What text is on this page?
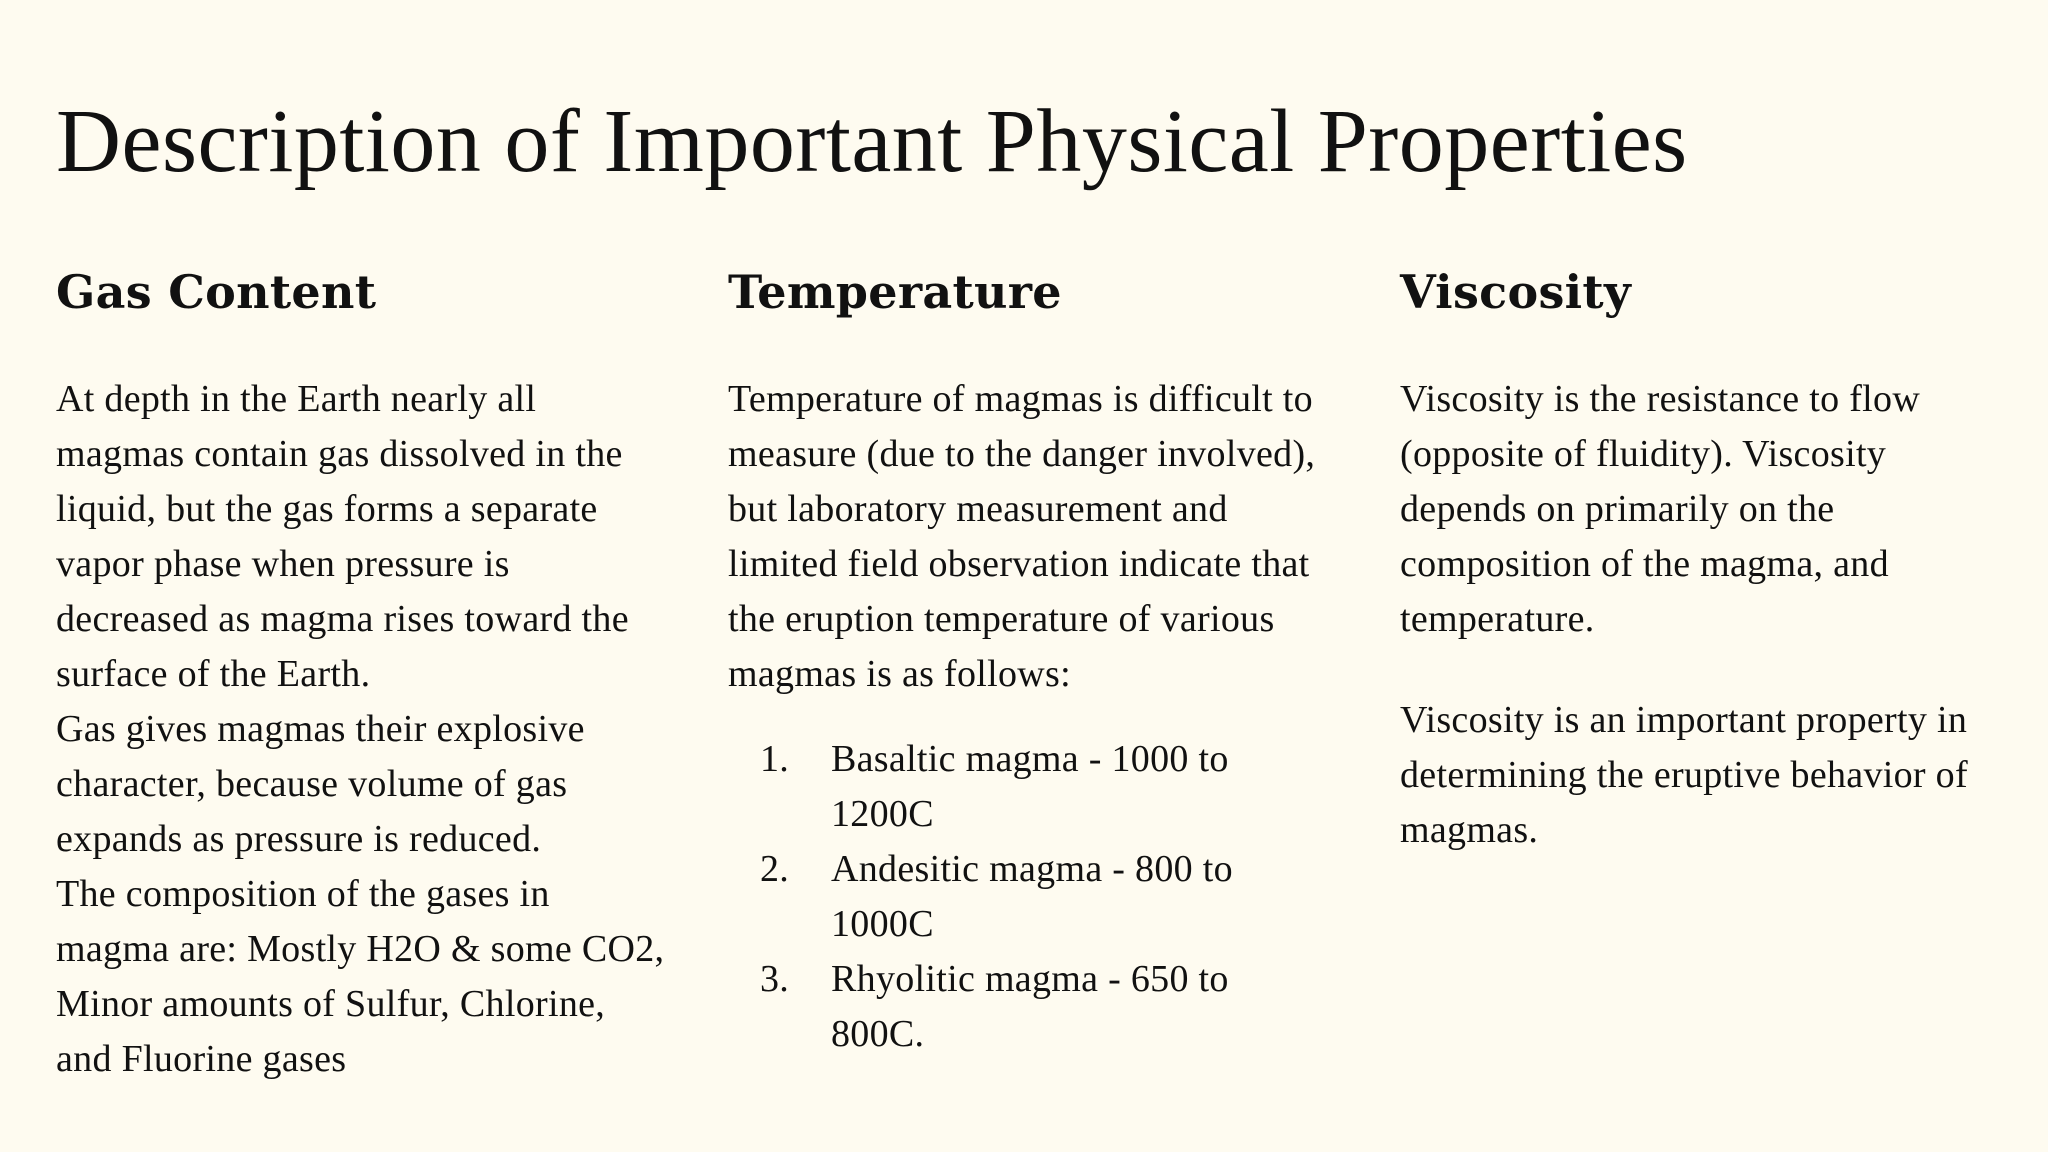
Description of Important Physical Properties
Gas Content

At depth in the Earth nearly all magmas contain gas dissolved in the liquid, but the gas forms a separate vapor phase when pressure is decreased as magma rises toward the surface of the Earth.

Gas gives magmas their explosive character, because volume of gas expands as pressure is reduced.

The composition of the gases in magma are: Mostly H2O & some CO2, Minor amounts of Sulfur, Chlorine, and Fluorine gases

Temperature

Temperature of magmas is difficult to measure (due to the danger involved), but laboratory measurement and limited field observation indicate that the eruption temperature of various magmas is as follows:

1. Basaltic magma - 1000 to 1200C
2. Andesitic magma - 800 to 1000C
3. Rhyolitic magma - 650 to 800C.
Viscosity

Viscosity is the resistance to flow (opposite of fluidity). Viscosity depends on primarily on the composition of the magma, and temperature.

Viscosity is an important property in determining the eruptive behavior of magmas.
